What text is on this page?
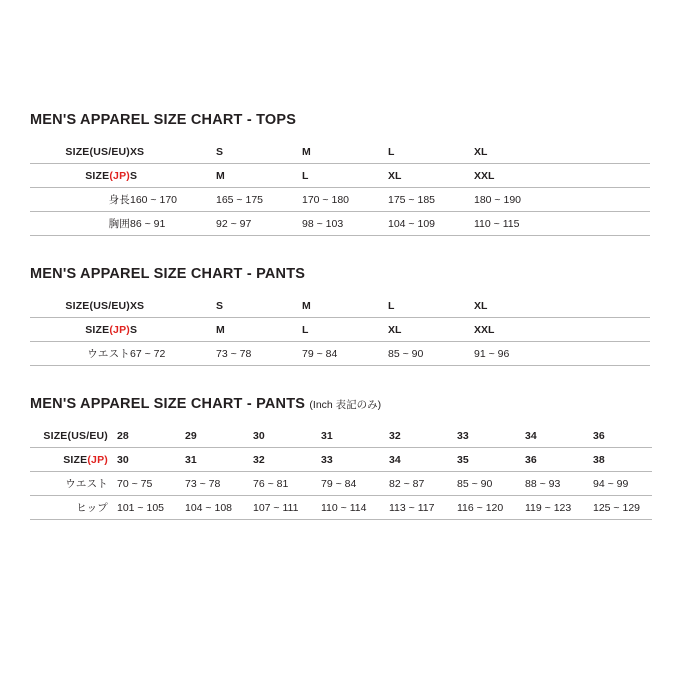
MEN'S APPAREL SIZE CHART - TOPS
SIZE(US/EU)	XS	S	M	L	XL	
SIZE(JP)	S	M	L	XL	XXL	
身長	160 ~ 170	165 ~ 175	170 ~ 180	175 ~ 185	180 ~ 190	
胸囲	86 ~ 91	92 ~ 97	98 ~ 103	104 ~ 109	110 ~ 115	
MEN'S APPAREL SIZE CHART - PANTS
SIZE(US/EU)	XS	S	M	L	XL	
SIZE(JP)	S	M	L	XL	XXL	
ウエスト	67 ~ 72	73 ~ 78	79 ~ 84	85 ~ 90	91 ~ 96	
MEN'S APPAREL SIZE CHART - PANTS (Inch 表記のみ)
SIZE(US/EU)	28	29	30	31	32	33	34	36
SIZE(JP)	30	31	32	33	34	35	36	38
ウエスト	70 ~ 75	73 ~ 78	76 ~ 81	79 ~ 84	82 ~ 87	85 ~ 90	88 ~ 93	94 ~ 99
ヒップ	101 ~ 105	104 ~ 108	107 ~ 111	110 ~ 114	113 ~ 117	116 ~ 120	119 ~ 123	125 ~ 129
